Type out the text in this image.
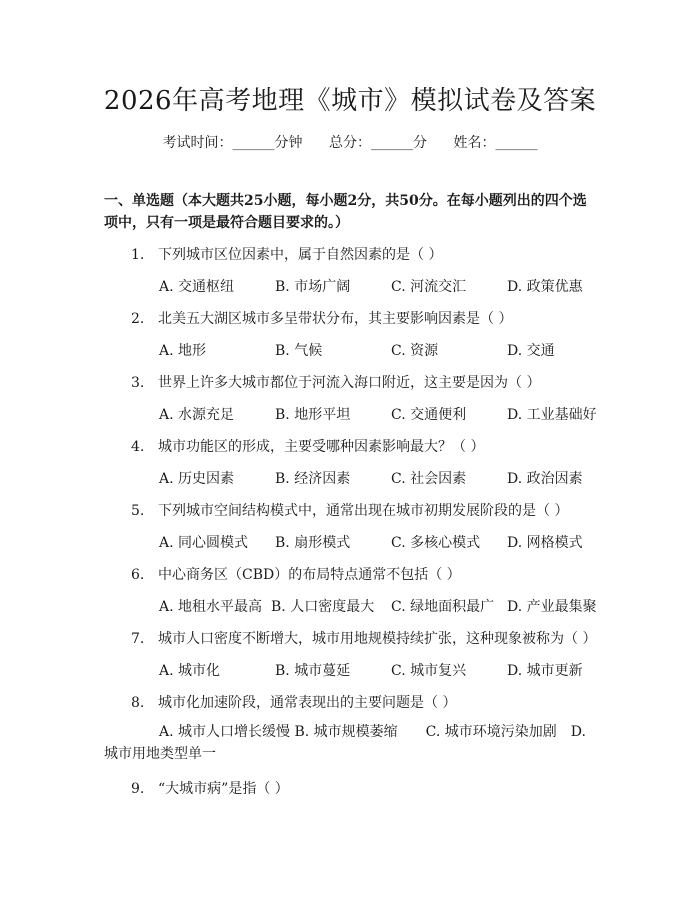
2026年高考地理《城市》模拟试卷及答案
考试时间：______分钟 总分：______分 姓名：______
一、单选题（本大题共25小题，每小题2分，共50分。在每小题列出的四个选项中，只有一项是最符合题目要求的。）
1. 下列城市区位因素中，属于自然因素的是（ ）
A. 交通枢纽	B. 市场广阔	C. 河流交汇	D. 政策优惠
2. 北美五大湖区城市多呈带状分布，其主要影响因素是（ ）
A. 地形	B. 气候	C. 资源	D. 交通
3. 世界上许多大城市都位于河流入海口附近，这主要是因为（ ）
A. 水源充足	B. 地形平坦	C. 交通便利	D. 工业基础好
4. 城市功能区的形成，主要受哪种因素影响最大？（ ）
A. 历史因素	B. 经济因素	C. 社会因素	D. 政治因素
5. 下列城市空间结构模式中，通常出现在城市初期发展阶段的是（ ）
A. 同心圆模式 B. 扇形模式	C. 多核心模式 D. 网格模式
6. 中心商务区（CBD）的布局特点通常不包括（ ）
A. 地租水平最高 B. 人口密度最大 C. 绿地面积最广 D. 产业最集聚
7. 城市人口密度不断增大，城市用地规模持续扩张，这种现象被称为（ ）
A. 城市化	B. 城市蔓延	C. 城市复兴	D. 城市更新
8. 城市化加速阶段，通常表现出的主要问题是（ ）
A. 城市人口增长缓慢 B. 城市规模萎缩　　C. 城市环境污染加剧　D. 城市用地类型单一
9. “大城市病”是指（ ）
